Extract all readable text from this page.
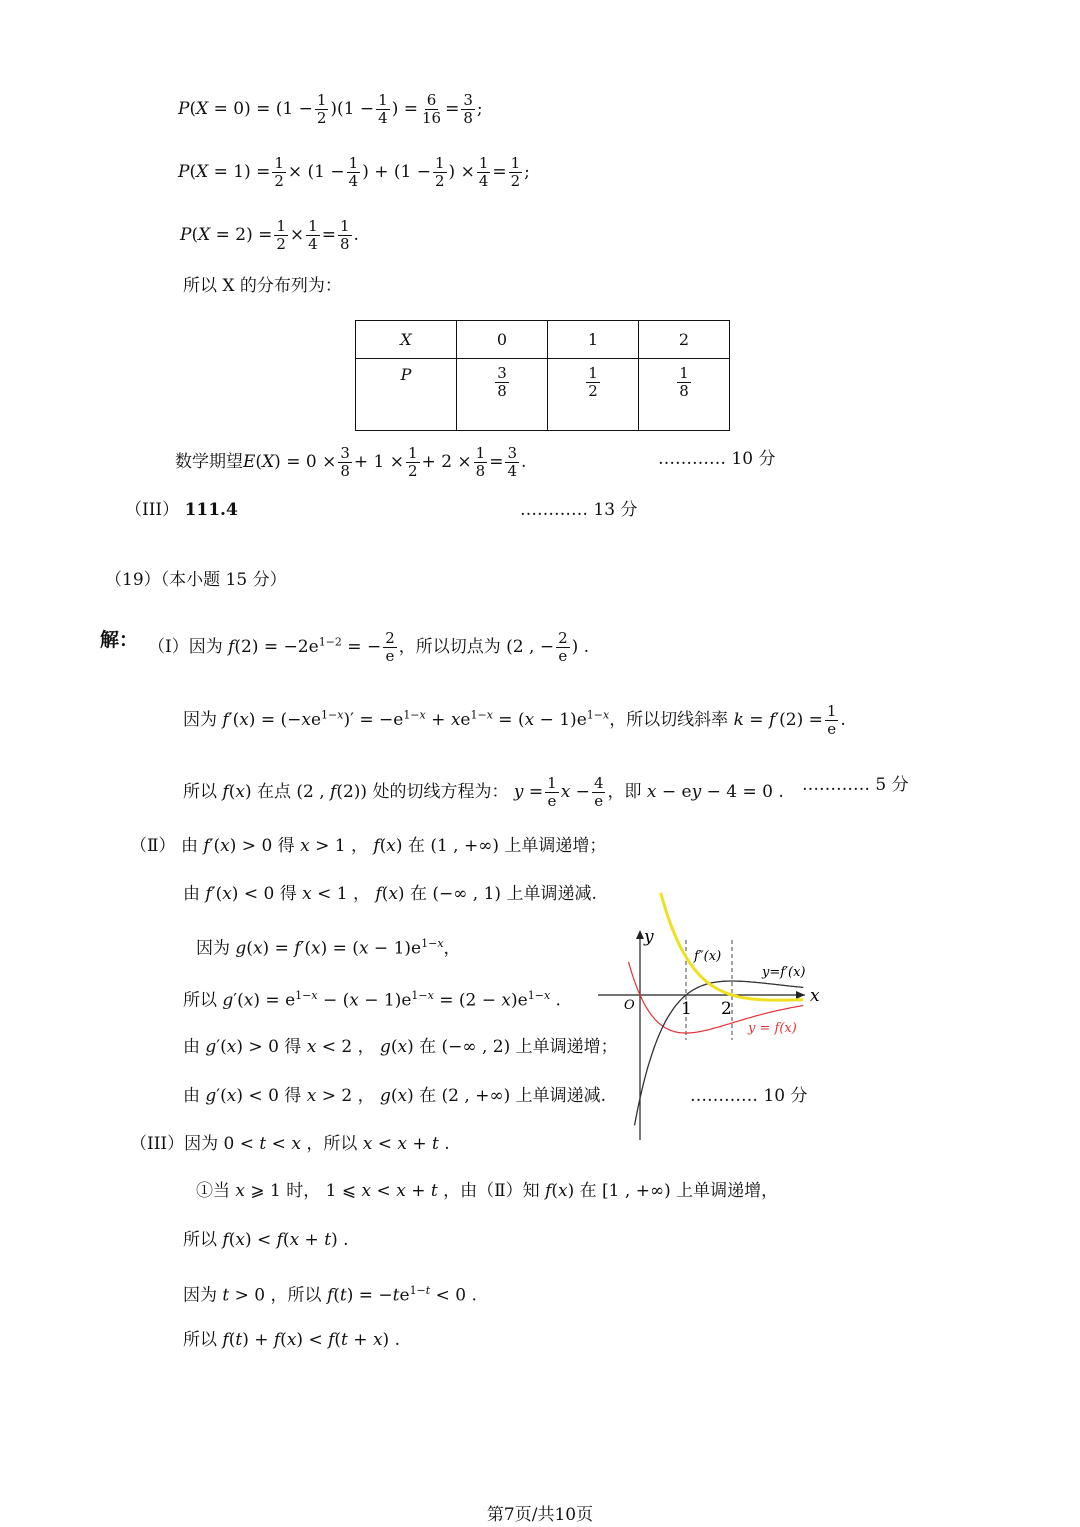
$P(X = 0) = (1 - \frac{1}{2} )(1 - \frac{1}{4}$ ) = $\frac{6}{16} = \frac{3}{8}$ ;
$P(X = 1) = \frac{1}{2} \times (1 - \frac{1}{4}$ ) + ($1 - \frac{1}{2}$ ) × $\frac{1}{4} = \frac{1}{2}$ ;
$P(X = 2) = \frac{1}{2} \times \frac{1}{4} = \frac{1}{8}$ .
所以 X 的分布列为：
X	0	1	2
P	$\frac{3}{8}$	$\frac{1}{2}$	$\frac{1}{8}$
数学期望$E(X) = 0 \times \frac{3}{8} + 1 \times \frac{1}{2} + 2 \times \frac{1}{8} = \frac{3}{4}$ .	………… 10 分
（III） 111.4	………… 13 分
（19）（本小题 15 分）
解： （Ⅰ）因为 $f(2) = -2e^{1-2}$ = − $\frac{2}{e}$ ，所以切点为 (2 , − $\frac{2}{e}$ ) .
因为 $f'(x) = (-xe^{1-x})' = -e^{1-x} + xe^{1-x} = (x - 1)e^{1-x}$，所以切线斜率 $k = f'(2) = \frac{1}{e}$ .
所以 f(x) 在点 (2 , f(2)) 处的切线方程为： $y = \frac{1}{e}$ $x - \frac{4}{e}$ ，即 x − ey − 4 = 0 . ………… 5 分
（Ⅱ） 由 f′(x) > 0 得 x > 1 ， f(x) 在 (1 , +∞) 上单调递增；
由 f′(x) < 0 得 x < 1 ， f(x) 在 (−∞ , 1) 上单调递减.
因为 $g(x) = f'(x) = (x - 1)e^{1-x}$，
所以 $g'(x) = e^{1-x} - (x - 1)e^{1-x} = (2 - x)e^{1-x}$ .
由 g′(x) > 0 得 x < 2 ， g(x) 在 (−∞ , 2) 上单调递增；
由 g′(x) < 0 得 x > 2 ， g(x) 在 (2 , +∞) 上单调递减.	………… 10 分
（III）因为 0 < t < x ，所以 x < x + t .
①当 x ⩾ 1 时， 1 ⩽ x < x + t ，由（Ⅱ）知 f(x) 在 [1 , +∞) 上单调递增，
所以 f(x) < f(x + t) .
因为 t > 0 ，所以 $f(t) = -te^{1-t} < 0$ .
所以 f(t) + f(x) < f(t + x) .
x
y
O	1 2
f″(x)
y=f′(x)
y = f(x)
第7页/共10页
